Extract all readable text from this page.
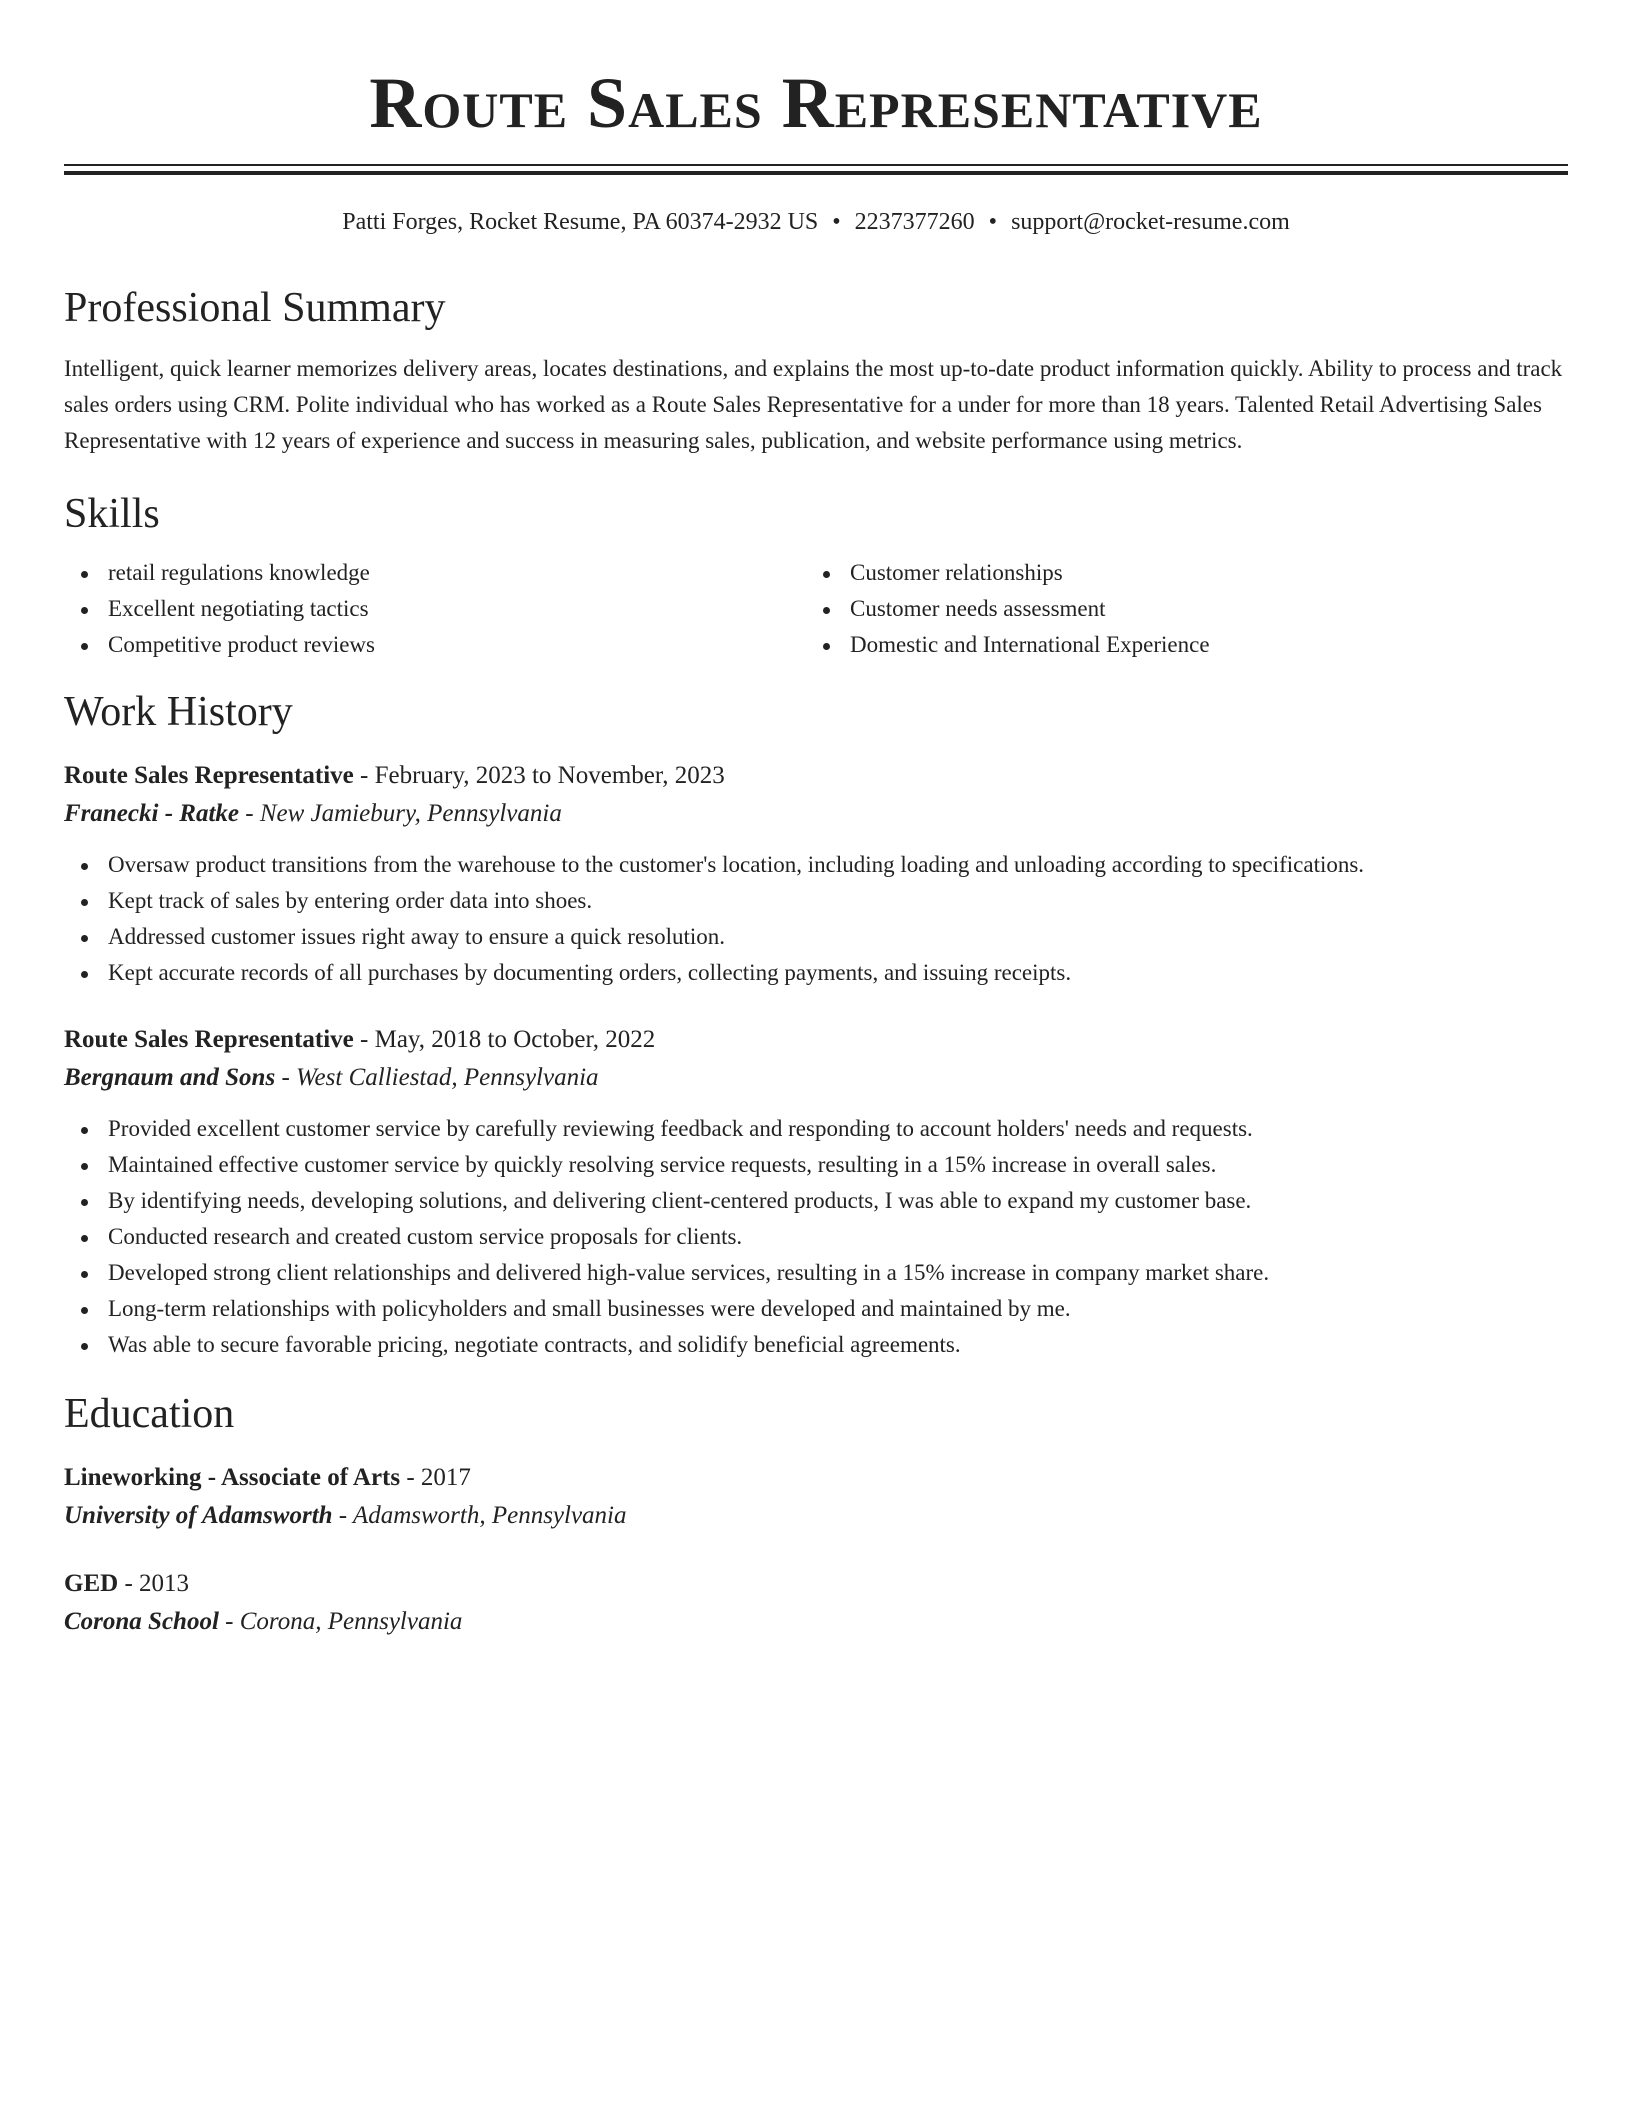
Route Sales Representative
Patti Forges, Rocket Resume, PA 60374-2932 US • 2237377260 • support@rocket-resume.com
Professional Summary

Intelligent, quick learner memorizes delivery areas, locates destinations, and explains the most up-to-date product information quickly. Ability to process and track sales orders using CRM. Polite individual who has worked as a Route Sales Representative for a under for more than 18 years. Talented Retail Advertising Sales Representative with 12 years of experience and success in measuring sales, publication, and website performance using metrics.

Skills
retail regulations knowledge
Excellent negotiating tactics
Competitive product reviews
Customer relationships
Customer needs assessment
Domestic and International Experience
Work History
Route Sales Representative - February, 2023 to November, 2023
Franecki - Ratke - New Jamiebury, Pennsylvania
Oversaw product transitions from the warehouse to the customer's location, including loading and unloading according to specifications.
Kept track of sales by entering order data into shoes.
Addressed customer issues right away to ensure a quick resolution.
Kept accurate records of all purchases by documenting orders, collecting payments, and issuing receipts.
Route Sales Representative - May, 2018 to October, 2022
Bergnaum and Sons - West Calliestad, Pennsylvania
Provided excellent customer service by carefully reviewing feedback and responding to account holders' needs and requests.
Maintained effective customer service by quickly resolving service requests, resulting in a 15% increase in overall sales.
By identifying needs, developing solutions, and delivering client-centered products, I was able to expand my customer base.
Conducted research and created custom service proposals for clients.
Developed strong client relationships and delivered high-value services, resulting in a 15% increase in company market share.
Long-term relationships with policyholders and small businesses were developed and maintained by me.
Was able to secure favorable pricing, negotiate contracts, and solidify beneficial agreements.
Education
Lineworking - Associate of Arts - 2017
University of Adamsworth - Adamsworth, Pennsylvania
GED - 2013
Corona School - Corona, Pennsylvania
